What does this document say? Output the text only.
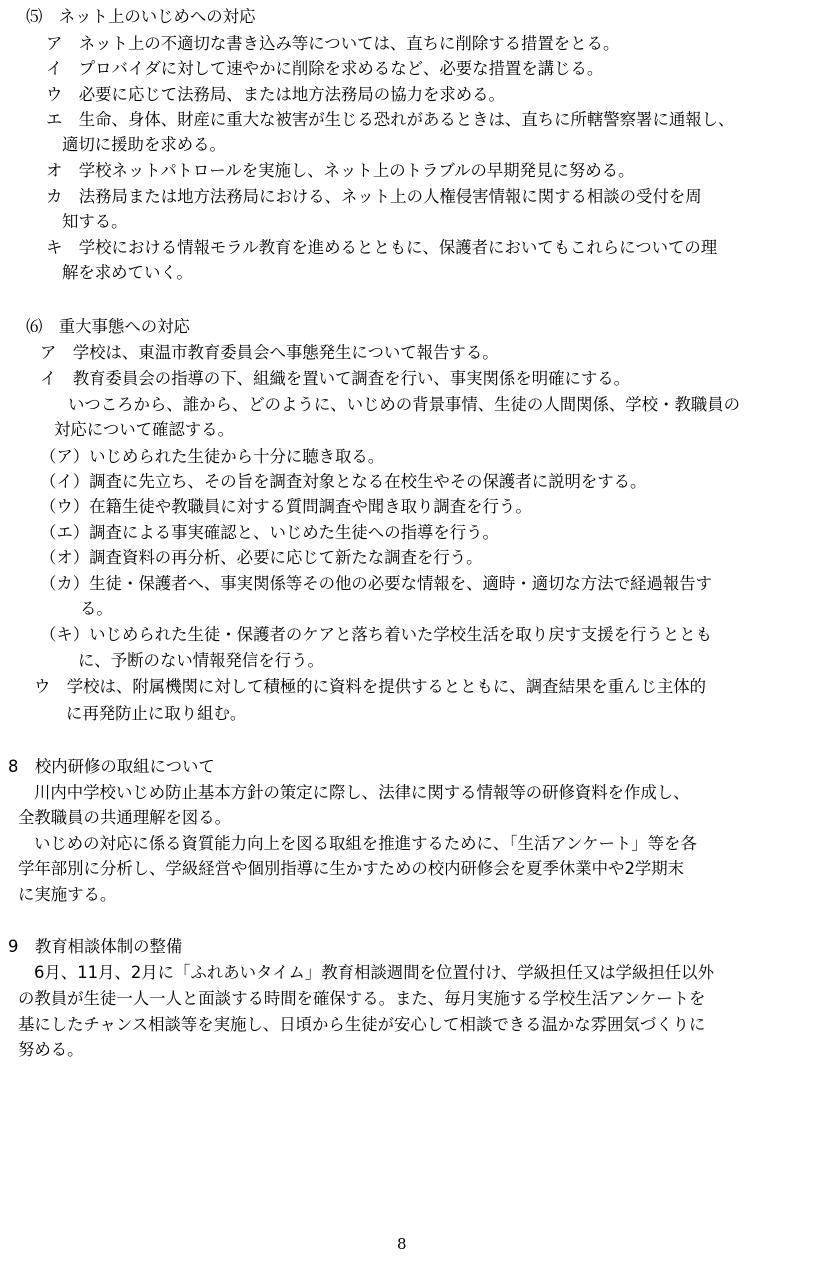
⑸　ネット上のいじめへの対応
ア　ネット上の不適切な書き込み等については、直ちに削除する措置をとる。
イ　プロバイダに対して速やかに削除を求めるなど、必要な措置を講じる。
ウ　必要に応じて法務局、または地方法務局の協力を求める。
エ　生命、身体、財産に重大な被害が生じる恐れがあるときは、直ちに所轄警察署に通報し、
適切に援助を求める。
オ　学校ネットパトロールを実施し、ネット上のトラブルの早期発見に努める。
カ　法務局または地方法務局における、ネット上の人権侵害情報に関する相談の受付を周
知する。
キ　学校における情報モラル教育を進めるとともに、保護者においてもこれらについての理
解を求めていく。
⑹　重大事態への対応
ア　学校は、東温市教育委員会へ事態発生について報告する。
イ　教育委員会の指導の下、組織を置いて調査を行い、事実関係を明確にする。
いつころから、誰から、どのように、いじめの背景事情、生徒の人間関係、学校・教職員の
対応について確認する。
（ア）いじめられた生徒から十分に聴き取る。
（イ）調査に先立ち、その旨を調査対象となる在校生やその保護者に説明をする。
（ウ）在籍生徒や教職員に対する質問調査や聞き取り調査を行う。
（エ）調査による事実確認と、いじめた生徒への指導を行う。
（オ）調査資料の再分析、必要に応じて新たな調査を行う。
（カ）生徒・保護者へ、事実関係等その他の必要な情報を、適時・適切な方法で経過報告す
る。
（キ）いじめられた生徒・保護者のケアと落ち着いた学校生活を取り戻す支援を行うととも
に、予断のない情報発信を行う。
ウ　学校は、附属機関に対して積極的に資料を提供するとともに、調査結果を重んじ主体的
に再発防止に取り組む。
8　校内研修の取組について
川内中学校いじめ防止基本方針の策定に際し、法律に関する情報等の研修資料を作成し、
全教職員の共通理解を図る。
いじめの対応に係る資質能力向上を図る取組を推進するために、「生活アンケート」等を各
学年部別に分析し、学級経営や個別指導に生かすための校内研修会を夏季休業中や2学期末
に実施する。
9　教育相談体制の整備
6月、11月、2月に「ふれあいタイム」教育相談週間を位置付け、学級担任又は学級担任以外
の教員が生徒一人一人と面談する時間を確保する。また、毎月実施する学校生活アンケートを
基にしたチャンス相談等を実施し、日頃から生徒が安心して相談できる温かな雰囲気づくりに
努める。
8
